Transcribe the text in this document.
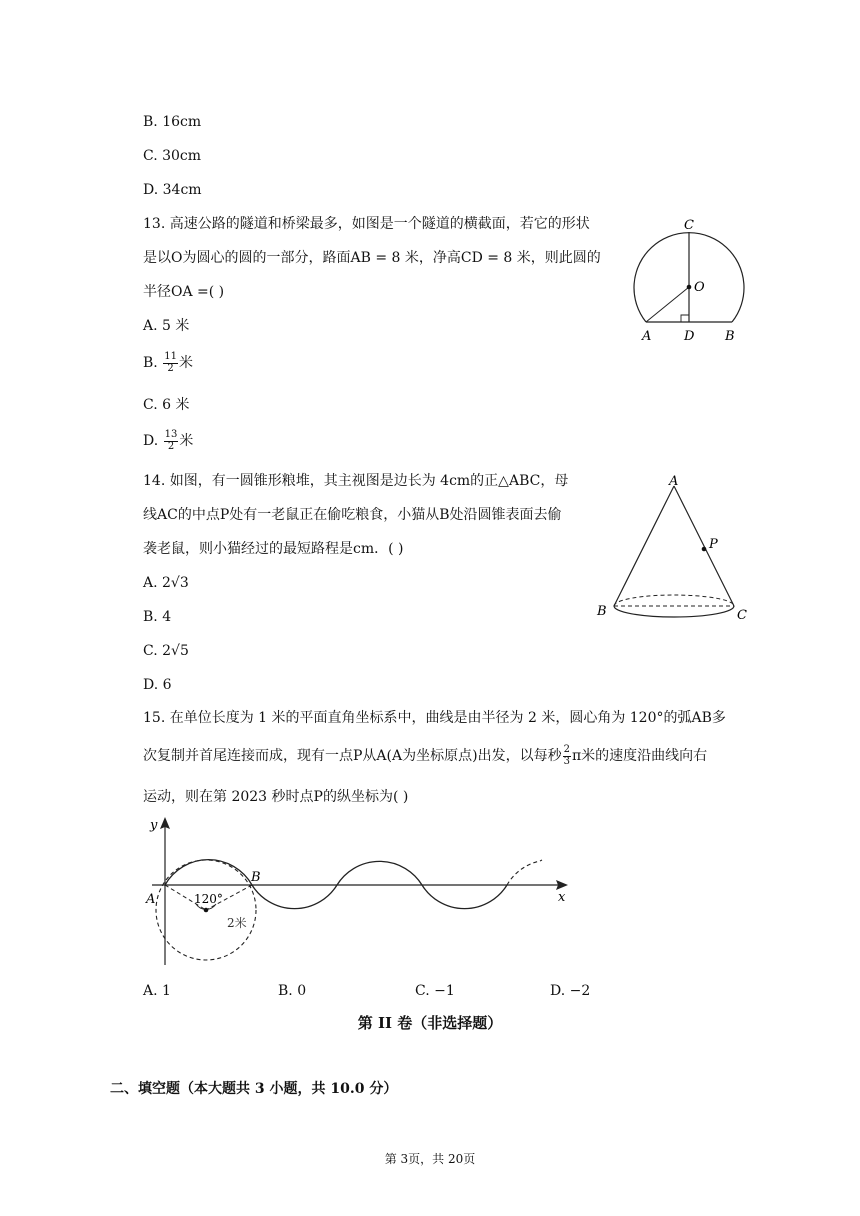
B. 16cm
C. 30cm
D. 34cm
13. 高速公路的隧道和桥梁最多，如图是一个隧道的横截面，若它的形状
是以O为圆心的圆的一部分，路面AB = 8 米，净高CD = 8 米，则此圆的
半径OA =( )
A. 5 米
B. $\frac{11}{2}$ 米
C. 6 米
D. $\frac{13}{2}$ 米
C
O
A	D B
14. 如图，有一圆锥形粮堆，其主视图是边长为 4cm的正△ABC，母
线AC的中点P处有一老鼠正在偷吃粮食，小猫从B处沿圆锥表面去偷
袭老鼠，则小猫经过的最短路程是cm．( )
A. 2√3
B. 4
C. 2√5
D. 6
A
P
B	C
15. 在单位长度为 1 米的平面直角坐标系中，曲线是由半径为 2 米，圆心角为 120°的弧AB多
次复制并首尾连接而成，现有一点P从A(A为坐标原点)出发，以每秒 $\frac{2}{3}$ π米的速度沿曲线向右
运动，则在第 2023 秒时点P的纵坐标为( )
y
x
A
B
120°
2米
A. 1	B. 0	C. −1	D. −2
第 II 卷（非选择题）
二、填空题（本大题共 3 小题，共 10.0 分）
第 3页，共 20页
